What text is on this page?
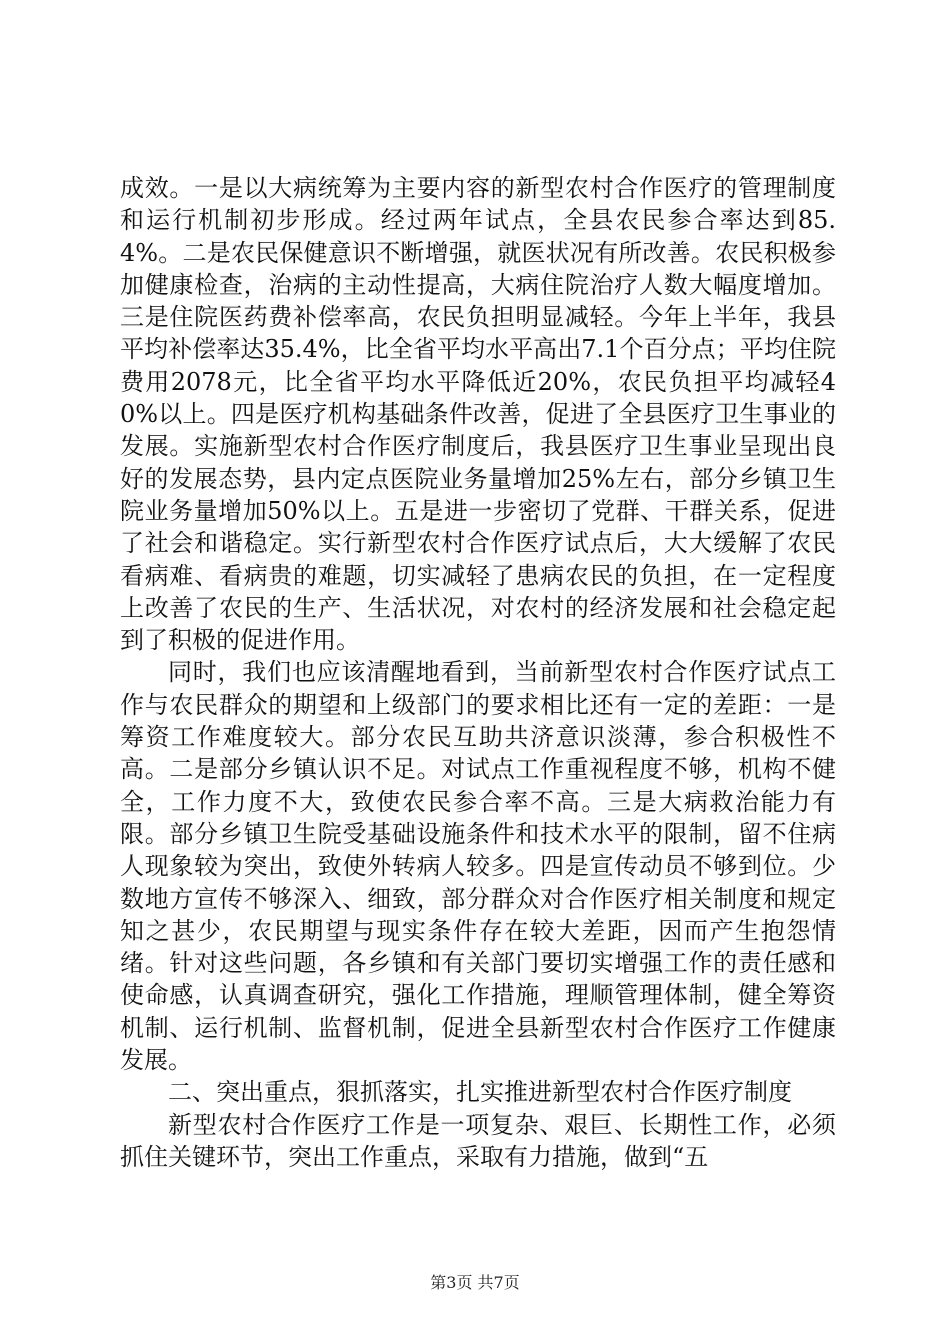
成效。一是以大病统筹为主要内容的新型农村合作医疗的管理制度和运行机制初步形成。经过两年试点，全县农民参合率达到85.4%。二是农民保健意识不断增强，就医状况有所改善。农民积极参加健康检查，治病的主动性提高，大病住院治疗人数大幅度增加。三是住院医药费补偿率高，农民负担明显减轻。今年上半年，我县平均补偿率达35.4%，比全省平均水平高出7.1个百分点；平均住院费用2078元，比全省平均水平降低近20%，农民负担平均减轻40%以上。四是医疗机构基础条件改善，促进了全县医疗卫生事业的发展。实施新型农村合作医疗制度后，我县医疗卫生事业呈现出良好的发展态势，县内定点医院业务量增加25%左右，部分乡镇卫生院业务量增加50%以上。五是进一步密切了党群、干群关系，促进了社会和谐稳定。实行新型农村合作医疗试点后，大大缓解了农民看病难、看病贵的难题，切实减轻了患病农民的负担，在一定程度上改善了农民的生产、生活状况，对农村的经济发展和社会稳定起到了积极的促进作用。

同时，我们也应该清醒地看到，当前新型农村合作医疗试点工作与农民群众的期望和上级部门的要求相比还有一定的差距：一是筹资工作难度较大。部分农民互助共济意识淡薄，参合积极性不高。二是部分乡镇认识不足。对试点工作重视程度不够，机构不健全，工作力度不大，致使农民参合率不高。三是大病救治能力有限。部分乡镇卫生院受基础设施条件和技术水平的限制，留不住病人现象较为突出，致使外转病人较多。四是宣传动员不够到位。少数地方宣传不够深入、细致，部分群众对合作医疗相关制度和规定知之甚少，农民期望与现实条件存在较大差距，因而产生抱怨情绪。针对这些问题，各乡镇和有关部门要切实增强工作的责任感和使命感，认真调查研究，强化工作措施，理顺管理体制，健全筹资机制、运行机制、监督机制，促进全县新型农村合作医疗工作健康发展。

二、突出重点，狠抓落实，扎实推进新型农村合作医疗制度

新型农村合作医疗工作是一项复杂、艰巨、长期性工作，必须抓住关键环节，突出工作重点，采取有力措施，做到“五

第3页 共7页
